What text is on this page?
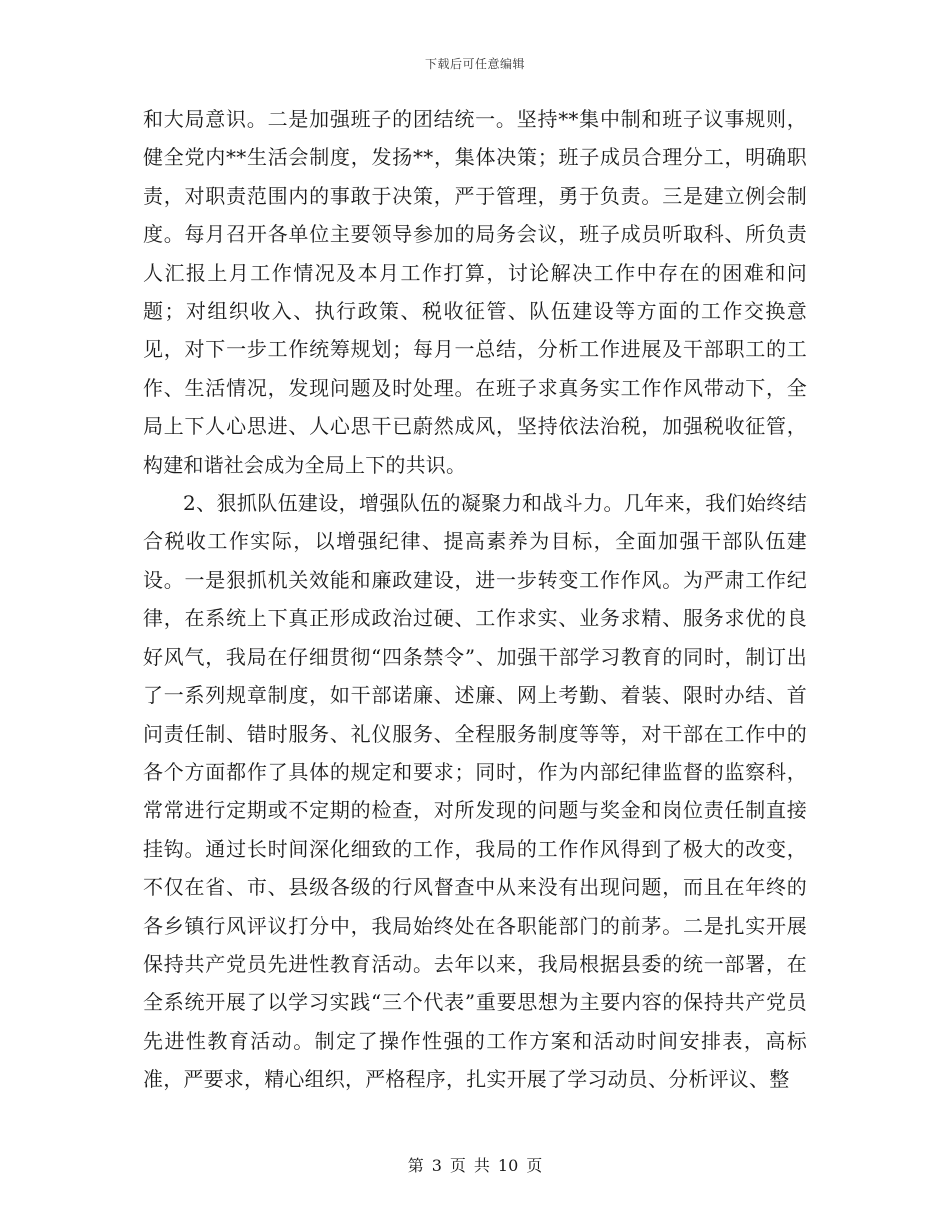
下载后可任意编辑

和大局意识。二是加强班子的团结统一。坚持**集中制和班子议事规则，健全党内**生活会制度，发扬**，集体决策；班子成员合理分工，明确职责，对职责范围内的事敢于决策，严于管理，勇于负责。三是建立例会制度。每月召开各单位主要领导参加的局务会议，班子成员听取科、所负责人汇报上月工作情况及本月工作打算，讨论解决工作中存在的困难和问题；对组织收入、执行政策、税收征管、队伍建设等方面的工作交换意见，对下一步工作统筹规划；每月一总结，分析工作进展及干部职工的工作、生活情况，发现问题及时处理。在班子求真务实工作作风带动下，全局上下人心思进、人心思干已蔚然成风，坚持依法治税，加强税收征管，构建和谐社会成为全局上下的共识。

2、狠抓队伍建设，增强队伍的凝聚力和战斗力。几年来，我们始终结合税收工作实际，以增强纪律、提高素养为目标，全面加强干部队伍建设。一是狠抓机关效能和廉政建设，进一步转变工作作风。为严肃工作纪律，在系统上下真正形成政治过硬、工作求实、业务求精、服务求优的良好风气，我局在仔细贯彻“四条禁令”、加强干部学习教育的同时，制订出了一系列规章制度，如干部诺廉、述廉、网上考勤、着装、限时办结、首问责任制、错时服务、礼仪服务、全程服务制度等等，对干部在工作中的各个方面都作了具体的规定和要求；同时，作为内部纪律监督的监察科，常常进行定期或不定期的检查，对所发现的问题与奖金和岗位责任制直接挂钩。通过长时间深化细致的工作，我局的工作作风得到了极大的改变，不仅在省、市、县级各级的行风督查中从来没有出现问题，而且在年终的各乡镇行风评议打分中，我局始终处在各职能部门的前茅。二是扎实开展保持共产党员先进性教育活动。去年以来，我局根据县委的统一部署，在全系统开展了以学习实践“三个代表”重要思想为主要内容的保持共产党员先进性教育活动。制定了操作性强的工作方案和活动时间安排表，高标准，严要求，精心组织，严格程序，扎实开展了学习动员、分析评议、整

第 3 页 共 10 页
